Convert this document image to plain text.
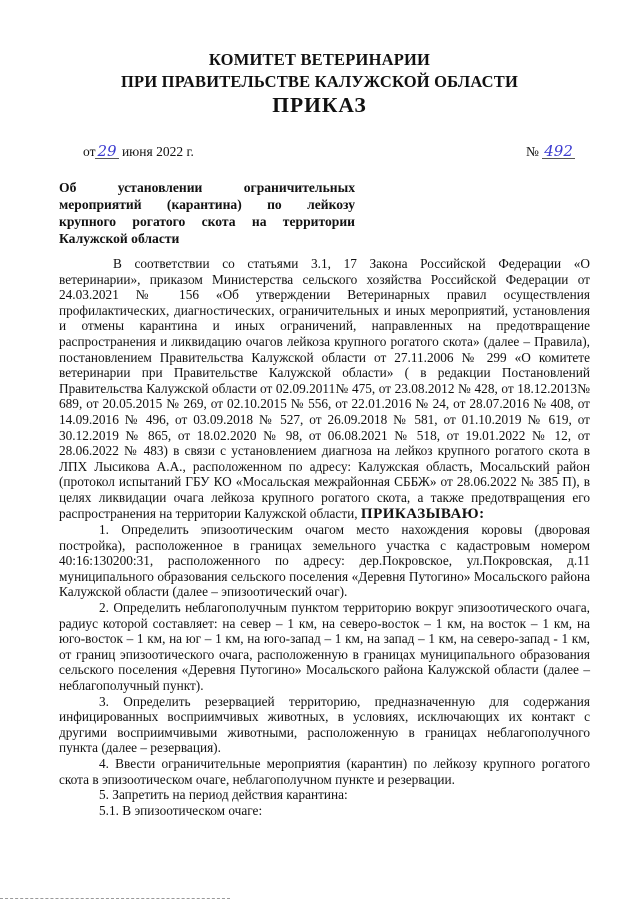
КОМИТЕТ ВЕТЕРИНАРИИ
ПРИ ПРАВИТЕЛЬСТВЕ КАЛУЖСКОЙ ОБЛАСТИ
ПРИКАЗ
от 29 июня 2022 г.	№ 492

Об установлении ограничительных

мероприятий (карантина) по лейкозу

крупного рогатого скота на территории

Калужской области

В соответствии со статьями 3.1, 17 Закона Российской Федерации «О ветеринарии», приказом Министерства сельского хозяйства Российской Федерации от 24.03.2021 № 156 «Об утверждении Ветеринарных правил осуществления профилактических, диагностических, ограничительных и иных мероприятий, установления и отмены карантина и иных ограничений, направленных на предотвращение распространения и ликвидацию очагов лейкоза крупного рогатого скота» (далее – Правила), постановлением Правительства Калужской области от 27.11.2006 № 299 «О комитете ветеринарии при Правительстве Калужской области» ( в редакции Постановлений Правительства Калужской области от 02.09.2011№ 475, от 23.08.2012 № 428, от 18.12.2013№ 689, от 20.05.2015 № 269, от 02.10.2015 № 556, от 22.01.2016 № 24, от 28.07.2016 № 408, от 14.09.2016 № 496, от 03.09.2018 № 527, от 26.09.2018 № 581, от 01.10.2019 № 619, от 30.12.2019 № 865, от 18.02.2020 № 98, от 06.08.2021 № 518, от 19.01.2022 № 12, от 28.06.2022 № 483) в связи с установлением диагноза на лейкоз крупного рогатого скота в ЛПХ Лысикова А.А., расположенном по адресу: Калужская область, Мосальский район (протокол испытаний ГБУ КО «Мосальская межрайонная СББЖ» от 28.06.2022 № 385 П), в целях ликвидации очага лейкоза крупного рогатого скота, а также предотвращения его распространения на территории Калужской области, ПРИКАЗЫВАЮ:

1. Определить эпизоотическим очагом место нахождения коровы (дворовая постройка), расположенное в границах земельного участка с кадастровым номером 40:16:130200:31, расположенного по адресу: дер.Покровское, ул.Покровская, д.11 муниципального образования сельского поселения «Деревня Путогино» Мосальского района Калужской области (далее – эпизоотический очаг).

2. Определить неблагополучным пунктом территорию вокруг эпизоотического очага, радиус которой составляет: на север – 1 км, на северо-восток – 1 км, на восток – 1 км, на юго-восток – 1 км, на юг – 1 км, на юго-запад – 1 км, на запад – 1 км, на северо-запад - 1 км, от границ эпизоотического очага, расположенную в границах муниципального образования сельского поселения «Деревня Путогино» Мосальского района Калужской области (далее – неблагополучный пункт).

3. Определить резервацией территорию, предназначенную для содержания инфицированных восприимчивых животных, в условиях, исключающих их контакт с другими восприимчивыми животными, расположенную в границах неблагополучного пункта (далее – резервация).

4. Ввести ограничительные мероприятия (карантин) по лейкозу крупного рогатого скота в эпизоотическом очаге, неблагополучном пункте и резервации.

5. Запретить на период действия карантина:

5.1. В эпизоотическом очаге:
